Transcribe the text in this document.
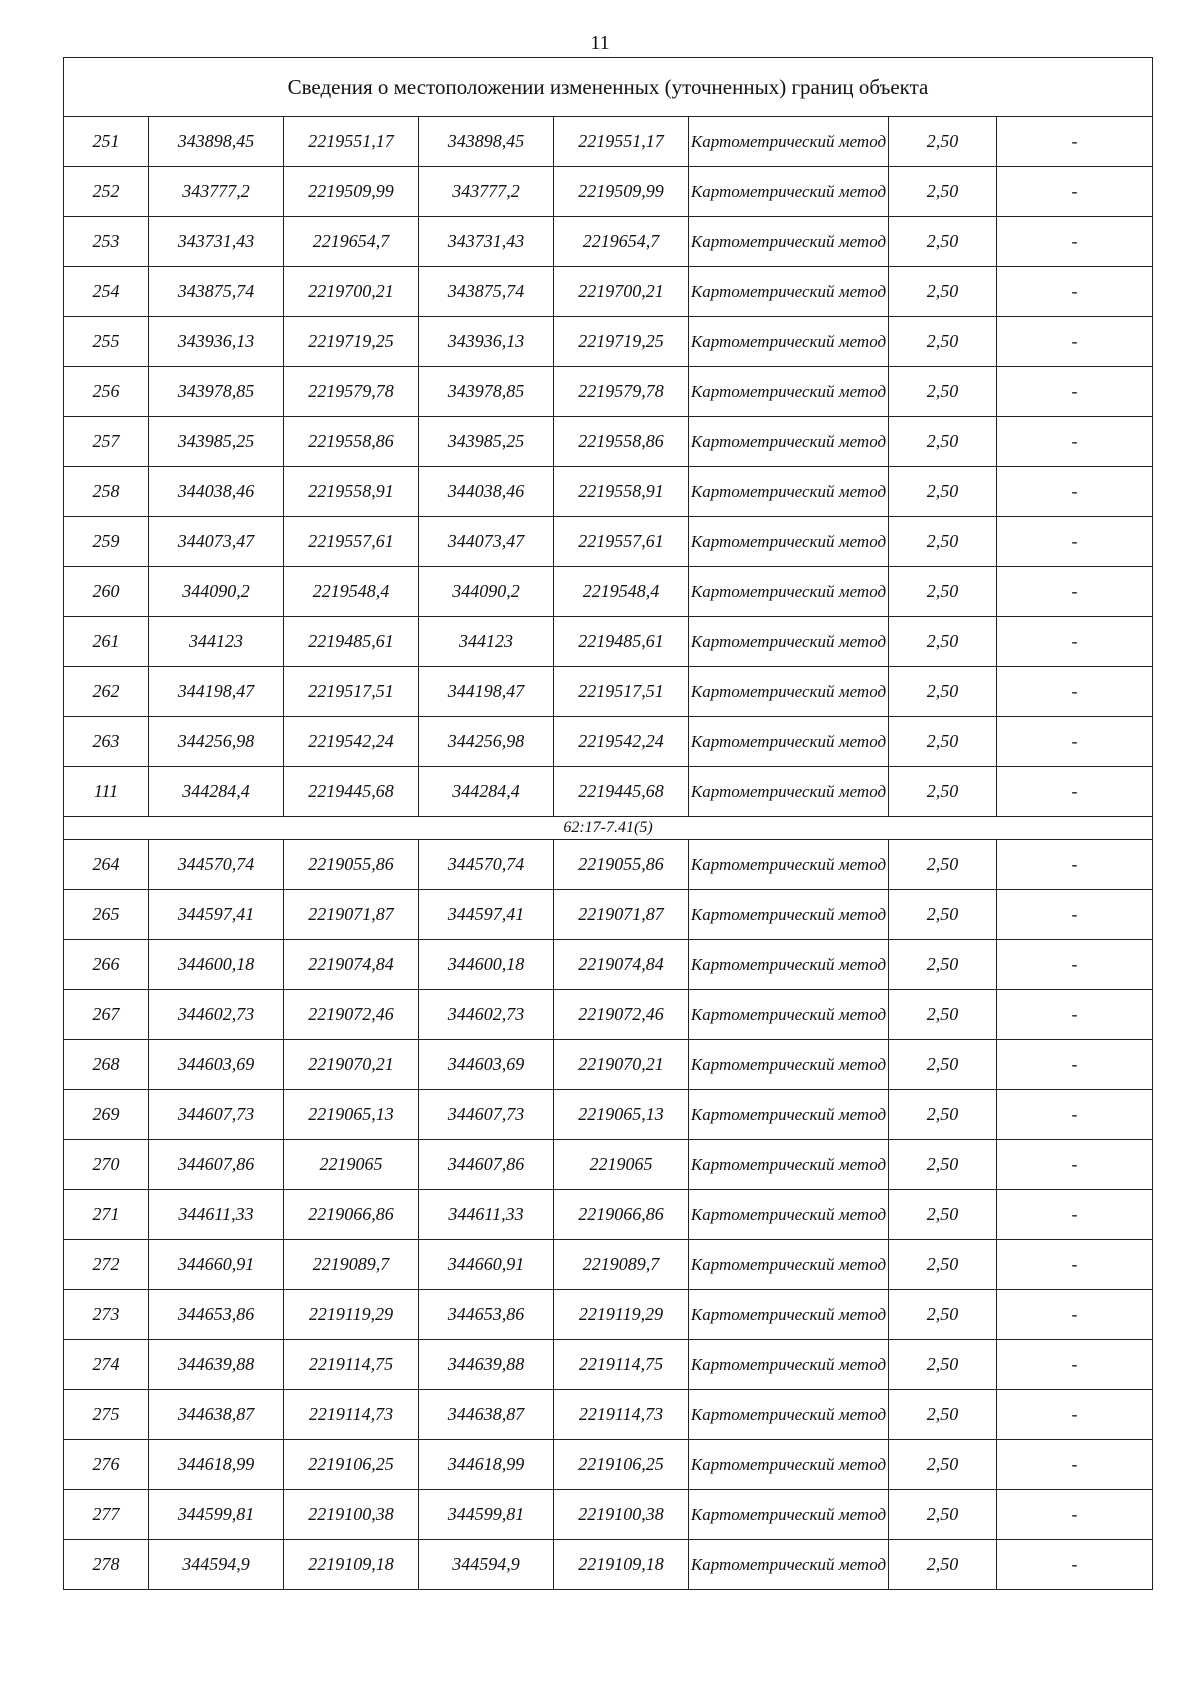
11
Сведения о местоположении измененных (уточненных) границ объекта							
251	343898,45	2219551,17	343898,45	2219551,17	Картометрический метод	2,50	-
252	343777,2	2219509,99	343777,2	2219509,99	Картометрический метод	2,50	-
253	343731,43	2219654,7	343731,43	2219654,7	Картометрический метод	2,50	-
254	343875,74	2219700,21	343875,74	2219700,21	Картометрический метод	2,50	-
255	343936,13	2219719,25	343936,13	2219719,25	Картометрический метод	2,50	-
256	343978,85	2219579,78	343978,85	2219579,78	Картометрический метод	2,50	-
257	343985,25	2219558,86	343985,25	2219558,86	Картометрический метод	2,50	-
258	344038,46	2219558,91	344038,46	2219558,91	Картометрический метод	2,50	-
259	344073,47	2219557,61	344073,47	2219557,61	Картометрический метод	2,50	-
260	344090,2	2219548,4	344090,2	2219548,4	Картометрический метод	2,50	-
261	344123	2219485,61	344123	2219485,61	Картометрический метод	2,50	-
262	344198,47	2219517,51	344198,47	2219517,51	Картометрический метод	2,50	-
263	344256,98	2219542,24	344256,98	2219542,24	Картометрический метод	2,50	-
111	344284,4	2219445,68	344284,4	2219445,68	Картометрический метод	2,50	-
62:17-7.41(5)							
264	344570,74	2219055,86	344570,74	2219055,86	Картометрический метод	2,50	-
265	344597,41	2219071,87	344597,41	2219071,87	Картометрический метод	2,50	-
266	344600,18	2219074,84	344600,18	2219074,84	Картометрический метод	2,50	-
267	344602,73	2219072,46	344602,73	2219072,46	Картометрический метод	2,50	-
268	344603,69	2219070,21	344603,69	2219070,21	Картометрический метод	2,50	-
269	344607,73	2219065,13	344607,73	2219065,13	Картометрический метод	2,50	-
270	344607,86	2219065	344607,86	2219065	Картометрический метод	2,50	-
271	344611,33	2219066,86	344611,33	2219066,86	Картометрический метод	2,50	-
272	344660,91	2219089,7	344660,91	2219089,7	Картометрический метод	2,50	-
273	344653,86	2219119,29	344653,86	2219119,29	Картометрический метод	2,50	-
274	344639,88	2219114,75	344639,88	2219114,75	Картометрический метод	2,50	-
275	344638,87	2219114,73	344638,87	2219114,73	Картометрический метод	2,50	-
276	344618,99	2219106,25	344618,99	2219106,25	Картометрический метод	2,50	-
277	344599,81	2219100,38	344599,81	2219100,38	Картометрический метод	2,50	-
278	344594,9	2219109,18	344594,9	2219109,18	Картометрический метод	2,50	-
